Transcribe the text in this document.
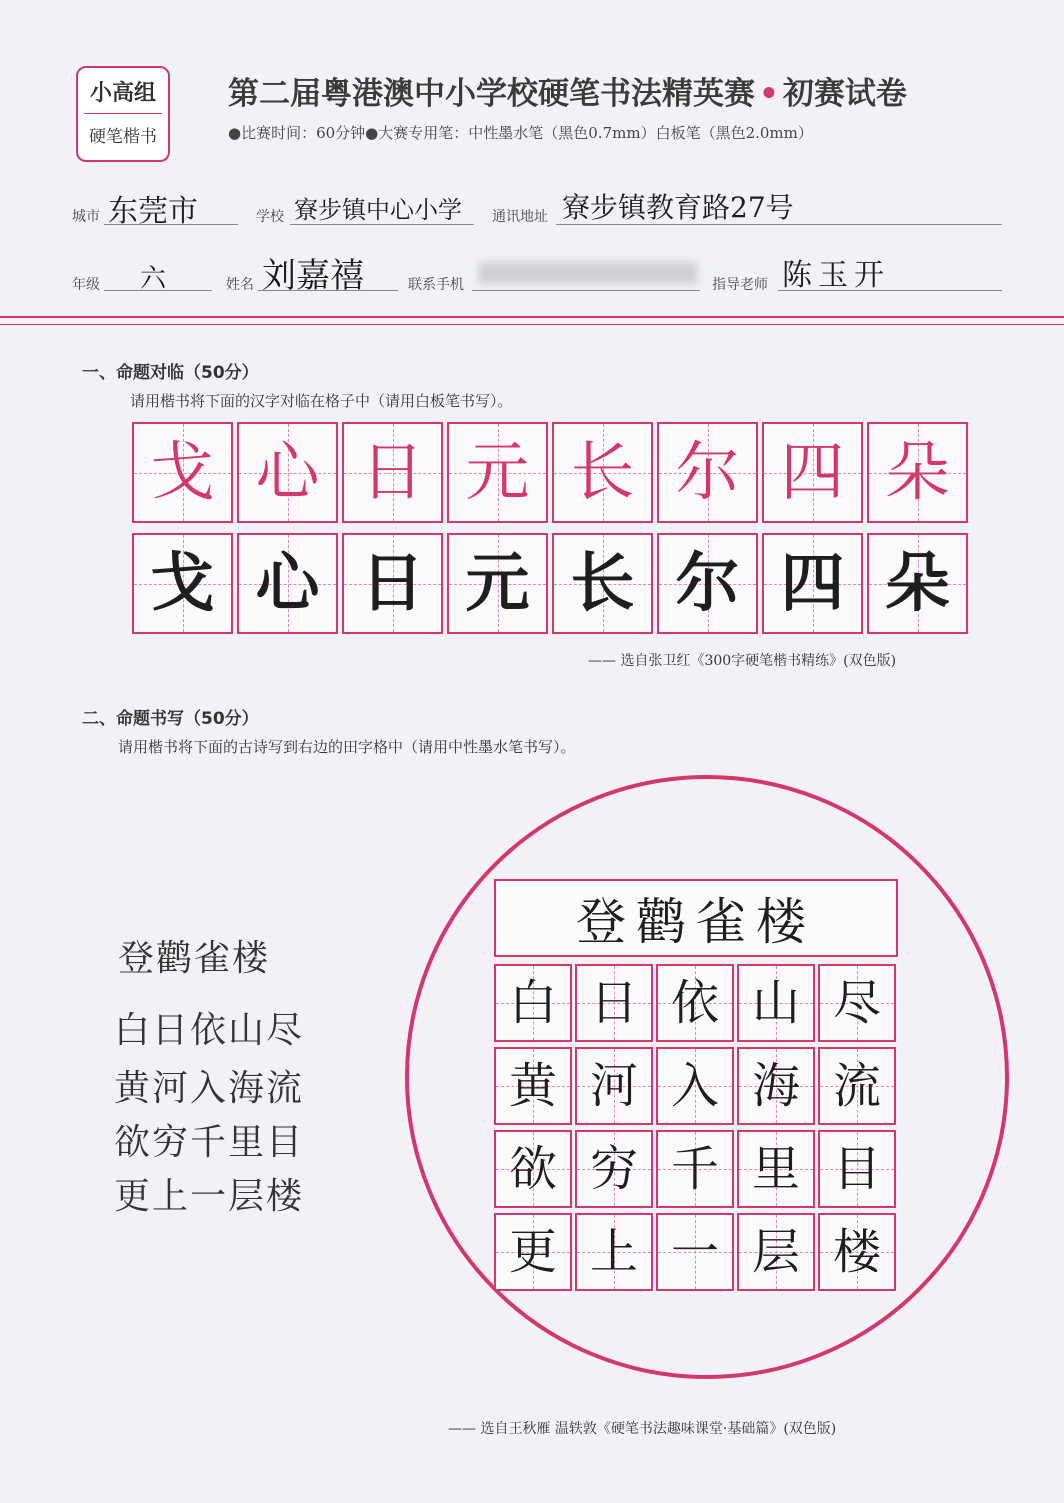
小高组
硬笔楷书
第二届粤港澳中小学校硬笔书法精英赛 • 初赛试卷
●比赛时间：60分钟●大赛专用笔：中性墨水笔（黑色0.7mm）白板笔（黑色2.0mm）
城市 东莞市	学校 寮步镇中心小学 通讯地址 寮步镇教育路27号
年级 六	姓名 刘嘉禧	联系手机	指导老师 陈玉开
一、命题对临（50分）
请用楷书将下面的汉字对临在格子中（请用白板笔书写）。
戈 心 日 元 长 尔 四 朵
戈 心 日 元 长 尔 四 朵
—— 选自张卫红《300字硬笔楷书精练》(双色版)
二、命题书写（50分）
请用楷书将下面的古诗写到右边的田字格中（请用中性墨水笔书写）。
登鹳雀楼
白日依山尽
黄河入海流
欲穷千里目
更上一层楼
登鹳雀楼
白 日 依 山 尽
黄 河 入 海 流
欲 穷 千 里 目
更 上 一 层 楼
—— 选自王秋雁 温轶敦《硬笔书法趣味课堂·基础篇》(双色版)
